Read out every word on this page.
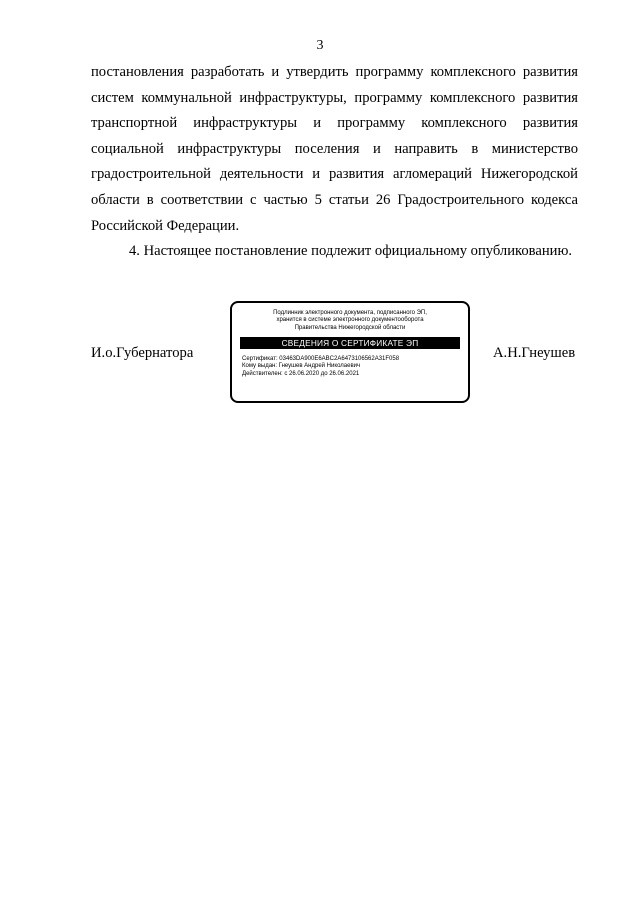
3

постановления разработать и утвердить программу комплексного развития систем коммунальной инфраструктуры, программу комплексного развития транспортной инфраструктуры и программу комплексного развития социальной инфраструктуры поселения и направить в министерство градостроительной деятельности и развития агломераций Нижегородской области в соответствии с частью 5 статьи 26 Градостроительного кодекса Российской Федерации.

4. Настоящее постановление подлежит официальному опубликованию.

И.о.Губернатора	А.Н.Гнеушев
Подлинник электронного документа, подписанного ЭП,
хранится в системе электронного документооборота
Правительства Нижегородской области
СВЕДЕНИЯ О СЕРТИФИКАТЕ ЭП
Сертификат: 03463DA900E6ABC2A6473106562A31F058
Кому выдан: Гнеушев Андрей Николаевич
Действителен: с 26.06.2020 до 26.06.2021
